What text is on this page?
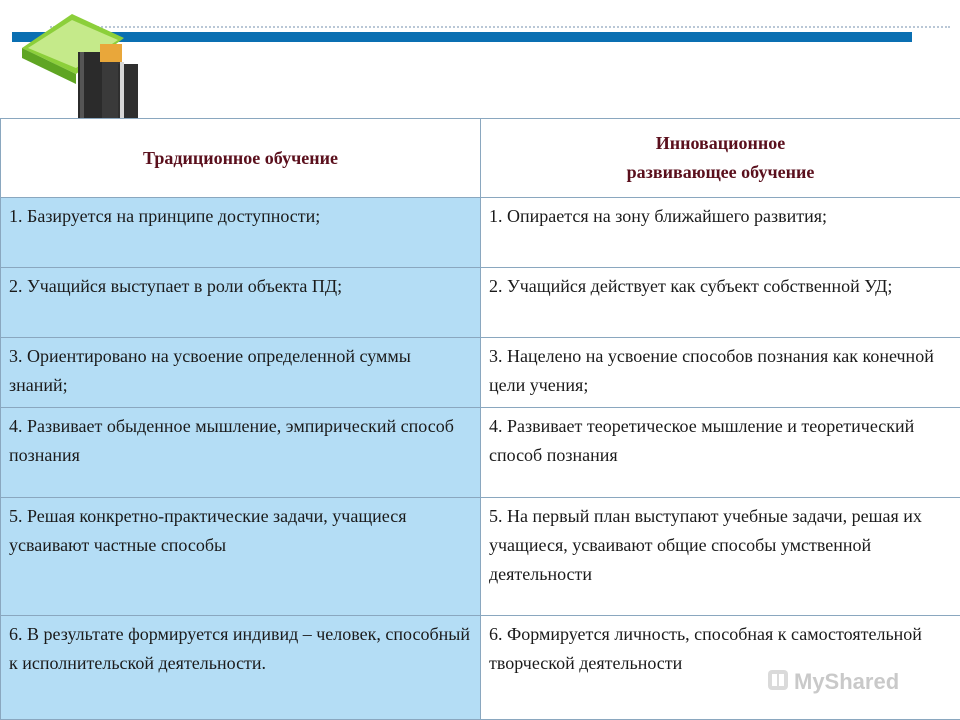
Традиционное обучение	Инновационное
развивающее обучение

1. Базируется на принципе доступности;	1. Опирается на зону ближайшего развития;
2. Учащийся выступает в роли объекта ПД;	2. Учащийся действует как субъект собственной УД;
3. Ориентировано на усвоение определенной суммы знаний;	3. Нацелено на усвоение способов познания как конечной цели учения;
4. Развивает обыденное мышление, эмпирический способ познания	4. Развивает теоретическое мышление и теоретический способ познания
5. Решая конкретно-практические задачи, учащиеся усваивают частные способы	5. На первый план выступают учебные задачи, решая их учащиеся, усваивают общие способы умственной деятельности
6. В результате формируется индивид – человек, способный к исполнительской деятельности.	6. Формируется личность, способная к самостоятельной творческой деятельности
MyShared
